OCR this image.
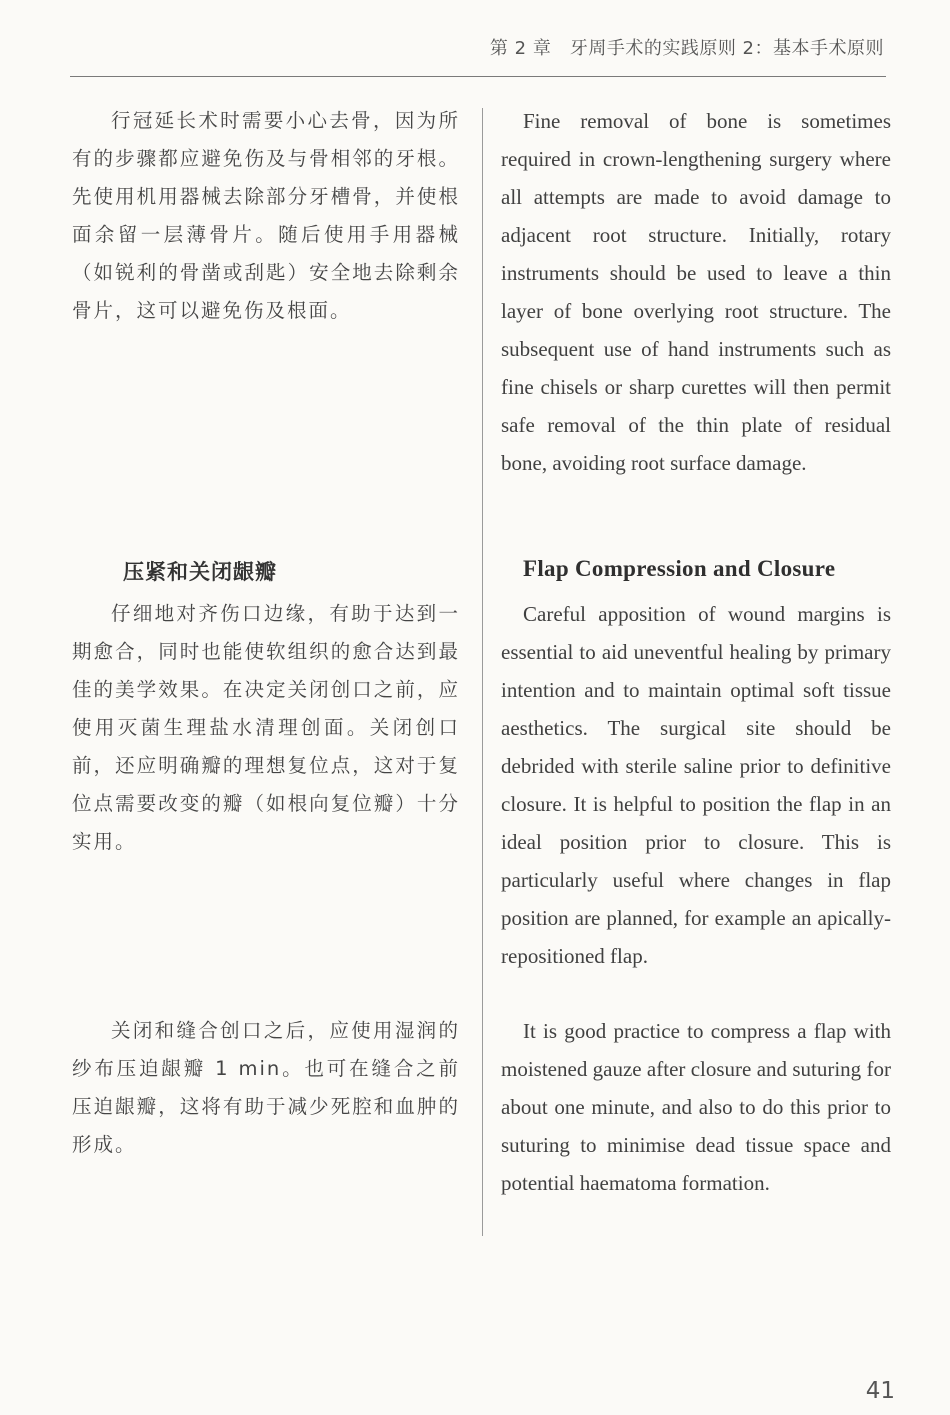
第 2 章　牙周手术的实践原则 2：基本手术原则

行冠延长术时需要小心去骨，因为所有的步骤都应避免伤及与骨相邻的牙根。先使用机用器械去除部分牙槽骨，并使根面余留一层薄骨片。随后使用手用器械（如锐利的骨凿或刮匙）安全地去除剩余骨片，这可以避免伤及根面。

压紧和关闭龈瓣

仔细地对齐伤口边缘，有助于达到一期愈合，同时也能使软组织的愈合达到最佳的美学效果。在决定关闭创口之前，应使用灭菌生理盐水清理创面。关闭创口前，还应明确瓣的理想复位点，这对于复位点需要改变的瓣（如根向复位瓣）十分实用。

关闭和缝合创口之后，应使用湿润的纱布压迫龈瓣 1 min。也可在缝合之前压迫龈瓣，这将有助于减少死腔和血肿的形成。

Fine removal of bone is sometimes required in crown-lengthening surgery where all attempts are made to avoid damage to adjacent root structure. Initially, rotary instruments should be used to leave a thin layer of bone overlying root structure. The subsequent use of hand instruments such as fine chisels or sharp curettes will then permit safe removal of the thin plate of residual bone, avoiding root surface damage.

Flap Compression and Closure

Careful apposition of wound margins is essential to aid uneventful healing by primary intention and to maintain optimal soft tissue aesthetics. The surgical site should be debrided with sterile saline prior to definitive closure. It is helpful to position the flap in an ideal position prior to closure. This is particularly useful where changes in flap position are planned, for example an apically-repositioned flap.

It is good practice to compress a flap with moistened gauze after closure and suturing for about one minute, and also to do this prior to suturing to minimise dead tissue space and potential haematoma formation.

41
